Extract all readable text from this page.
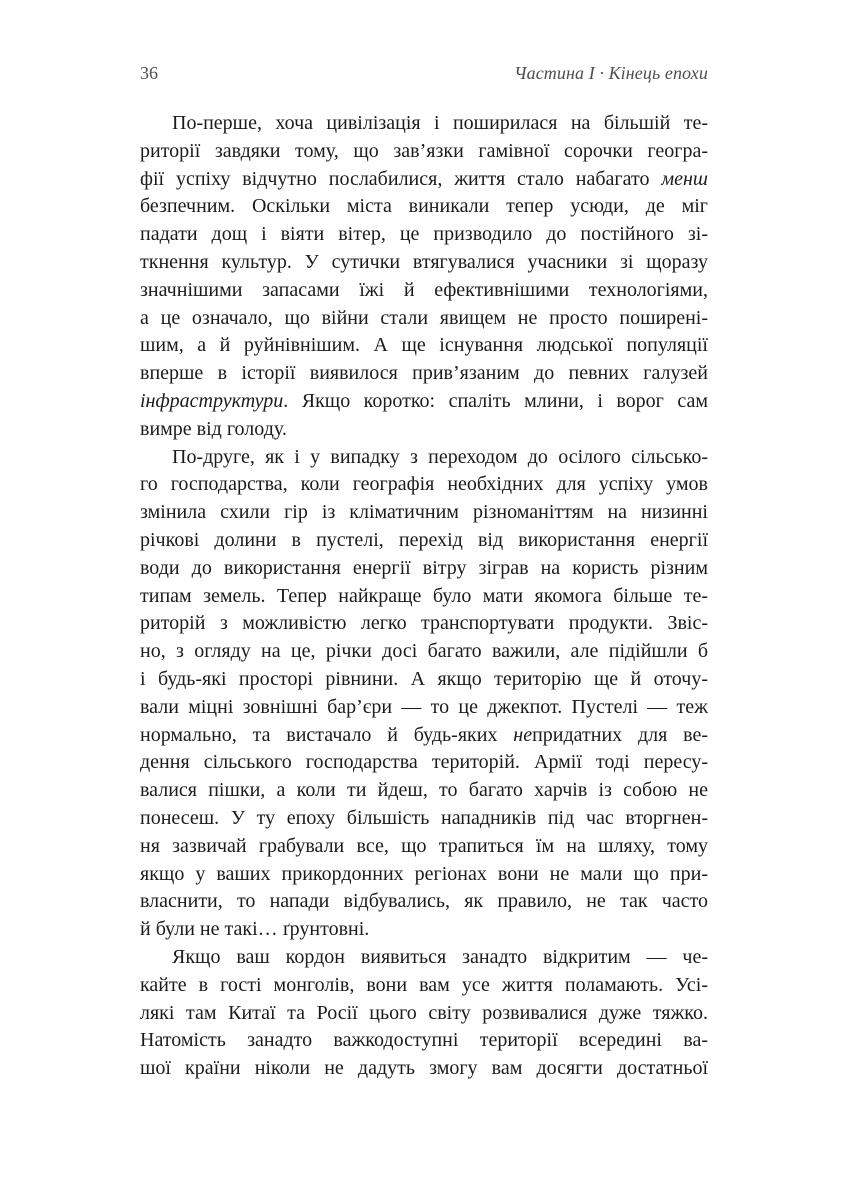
36	Частина I · Кінець епохи
По-перше, хоча цивілізація і поширилася на більшій те-
риторії завдяки тому, що зав’язки гамівної сорочки геогра-
фії успіху відчутно послабилися, життя стало набагато менш
безпечним. Оскільки міста виникали тепер усюди, де міг
падати дощ і віяти вітер, це призводило до постійного зі-
ткнення культур. У сутички втягувалися учасники зі щоразу
значнішими запасами їжі й ефективнішими технологіями,
а це означало, що війни стали явищем не просто поширені-
шим, а й руйнівнішим. А ще існування людської популяції
вперше в історії виявилося прив’язаним до певних галузей
інфраструктури. Якщо коротко: спаліть млини, і ворог сам
вимре від голоду.
По-друге, як і у випадку з переходом до осілого сільсько-
го господарства, коли географія необхідних для успіху умов
змінила схили гір із кліматичним різноманіттям на низинні
річкові долини в пустелі, перехід від використання енергії
води до використання енергії вітру зіграв на користь різним
типам земель. Тепер найкраще було мати якомога більше те-
риторій з можливістю легко транспортувати продукти. Звіс-
но, з огляду на це, річки досі багато важили, але підійшли б
і будь-які просторі рівнини. А якщо територію ще й оточу-
вали міцні зовнішні бар’єри — то це джекпот. Пустелі — теж
нормально, та вистачало й будь-яких непридатних для ве-
дення сільського господарства територій. Армії тоді пересу-
валися пішки, а коли ти йдеш, то багато харчів із собою не
понесеш. У ту епоху більшість нападників під час вторгнен-
ня зазвичай грабували все, що трапиться їм на шляху, тому
якщо у ваших прикордонних регіонах вони не мали що при-
власнити, то напади відбувались, як правило, не так часто
й були не такі… ґрунтовні.
Якщо ваш кордон виявиться занадто відкритим — че-
кайте в гості монголів, вони вам усе життя поламають. Усі-
лякі там Китаї та Росії цього світу розвивалися дуже тяжко.
Натомість занадто важкодоступні території всередині ва-
шої країни ніколи не дадуть змогу вам досягти достатньої
